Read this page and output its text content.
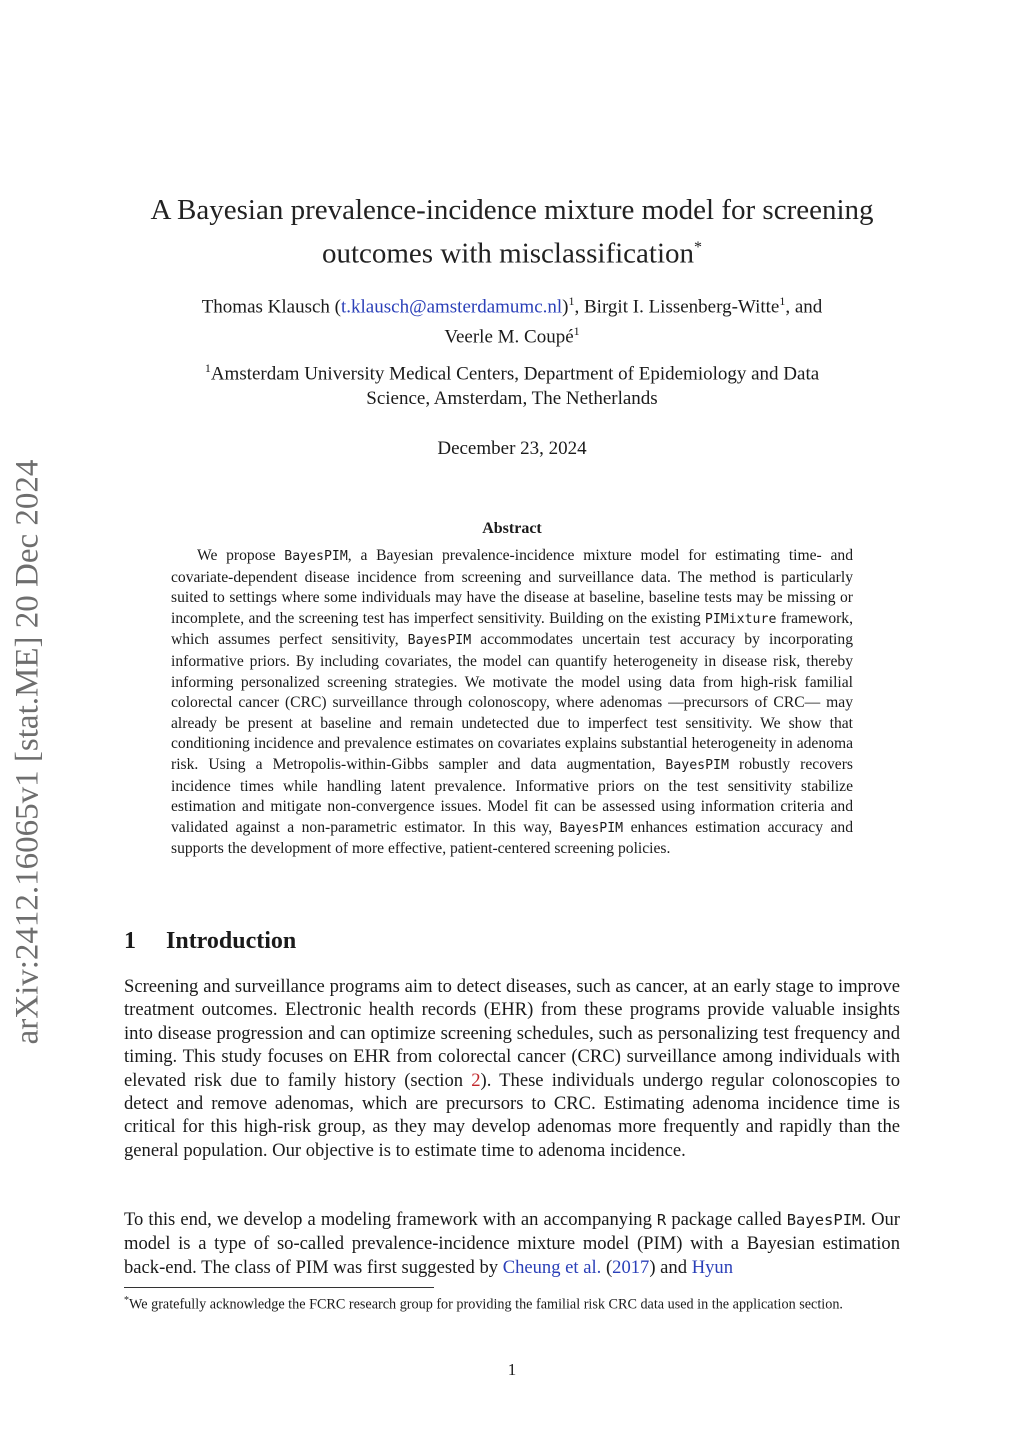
arXiv:2412.16065v1 [stat.ME] 20 Dec 2024
A Bayesian prevalence-incidence mixture model for screening
outcomes with misclassification*
Thomas Klausch (t.klausch@amsterdamumc.nl)$^1$, Birgit I. Lissenberg-Witte$^1$, and
Veerle M. Coupé$^1$
$^1$Amsterdam University Medical Centers, Department of Epidemiology and Data
Science, Amsterdam, The Netherlands
December 23, 2024
Abstract
We propose BayesPIM, a Bayesian prevalence-incidence mixture model for estimating time- and covariate-dependent disease incidence from screening and surveillance data. The method is particularly suited to settings where some individuals may have the disease at baseline, baseline tests may be missing or incomplete, and the screening test has imperfect sensitivity. Building on the existing PIMixture framework, which assumes perfect sensitivity, BayesPIM accommodates uncertain test accuracy by incorporating informative priors. By including covariates, the model can quantify heterogeneity in disease risk, thereby informing personalized screening strategies. We motivate the model using data from high-risk familial colorectal cancer (CRC) surveillance through colonoscopy, where adenomas —precursors of CRC— may already be present at baseline and remain undetected due to imperfect test sensitivity. We show that conditioning incidence and prevalence estimates on covariates explains substantial heterogeneity in adenoma risk. Using a Metropolis-within-Gibbs sampler and data augmentation, BayesPIM robustly recovers incidence times while handling latent prevalence. Informative priors on the test sensitivity stabilize estimation and mitigate non-convergence issues. Model fit can be assessed using information criteria and validated against a non-parametric estimator. In this way, BayesPIM enhances estimation accuracy and supports the development of more effective, patient-centered screening policies.
1 Introduction
Screening and surveillance programs aim to detect diseases, such as cancer, at an early stage to improve treatment outcomes. Electronic health records (EHR) from these programs provide valuable insights into disease progression and can optimize screening schedules, such as personalizing test frequency and timing. This study focuses on EHR from colorectal cancer (CRC) surveillance among individuals with elevated risk due to family history (section 2). These individuals undergo regular colonoscopies to detect and remove adenomas, which are precursors to CRC. Estimating adenoma incidence time is critical for this high-risk group, as they may develop adenomas more frequently and rapidly than the general population. Our objective is to estimate time to adenoma incidence.
To this end, we develop a modeling framework with an accompanying R package called BayesPIM. Our model is a type of so-called prevalence-incidence mixture model (PIM) with a Bayesian estimation back-end. The class of PIM was first suggested by Cheung et al. (2017) and Hyun
*We gratefully acknowledge the FCRC research group for providing the familial risk CRC data used in the application section.
1
